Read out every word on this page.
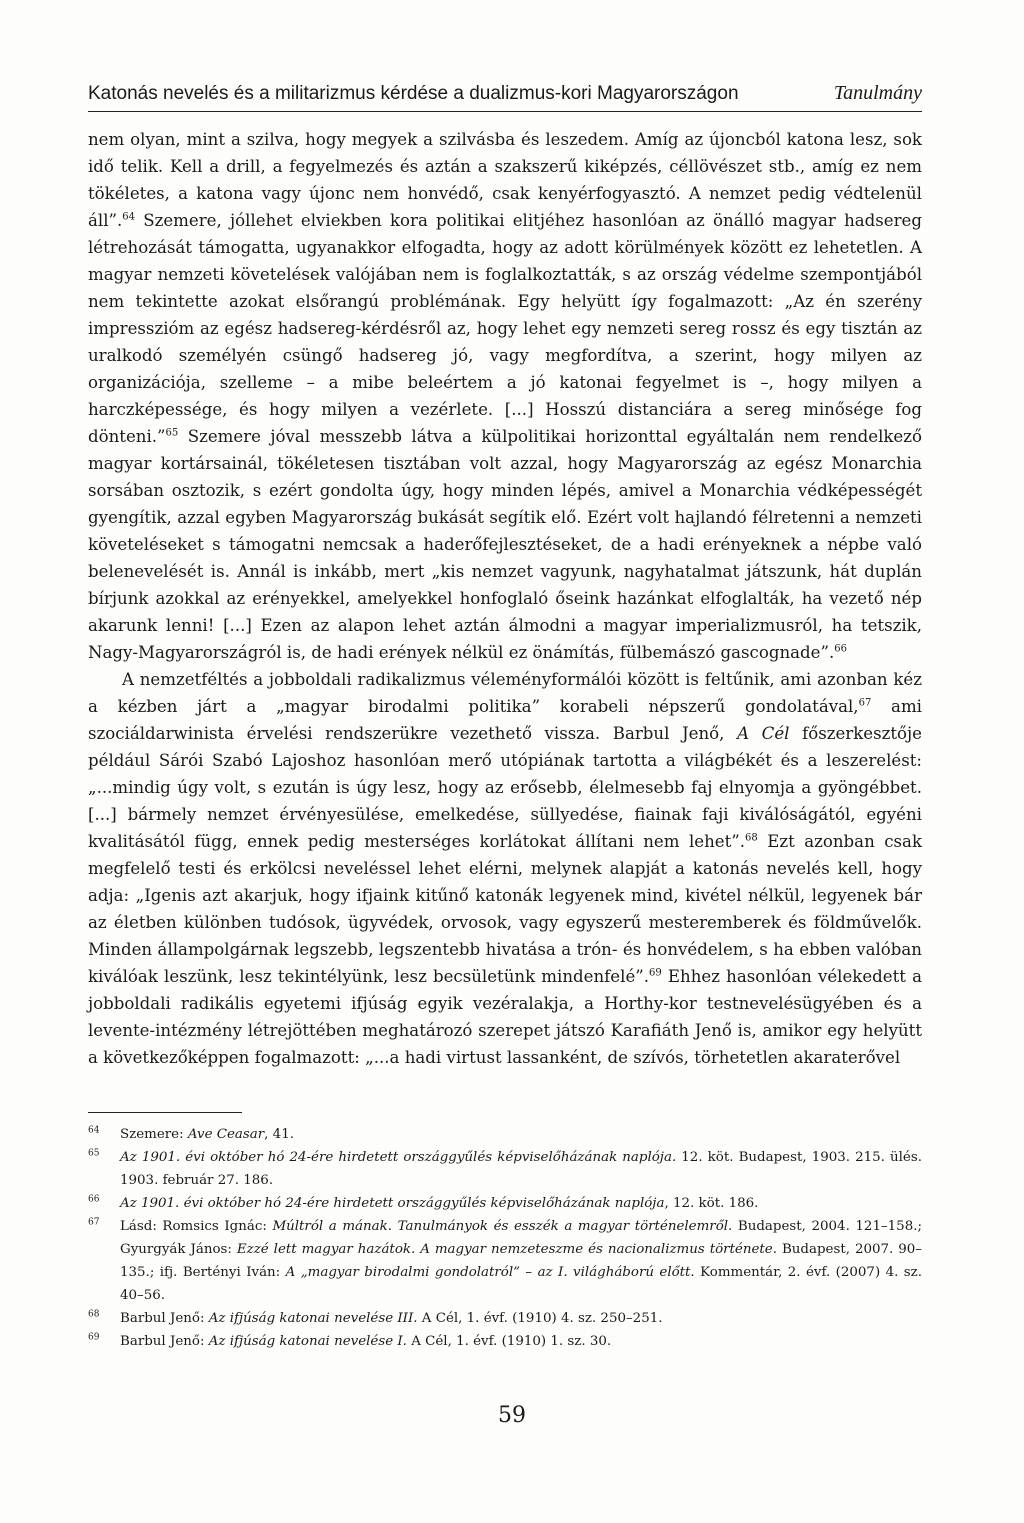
Katonás nevelés és a militarizmus kérdése a dualizmus-kori Magyarországon	Tanulmány

nem olyan, mint a szilva, hogy megyek a szilvásba és leszedem. Amíg az újoncból katona lesz, sok idő telik. Kell a drill, a fegyelmezés és aztán a szakszerű kiképzés, céllövészet stb., amíg ez nem tökéletes, a katona vagy újonc nem honvédő, csak kenyérfogyasztó. A nemzet pedig védtelenül áll”.$^{64}$ Szemere, jóllehet elviekben kora politikai elitjéhez hasonlóan az önálló magyar hadsereg létrehozását támogatta, ugyanakkor elfogadta, hogy az adott körülmények között ez lehetetlen. A magyar nemzeti követelések valójában nem is foglalkoztatták, s az ország védelme szempontjából nem tekintette azokat elsőrangú problémának. Egy helyütt így fogalmazott: „Az én szerény impresszióm az egész hadsereg-kérdésről az, hogy lehet egy nemzeti sereg rossz és egy tisztán az uralkodó személyén csüngő hadsereg jó, vagy megfordítva, a szerint, hogy milyen az organizációja, szelleme – a mibe beleértem a jó katonai fegyelmet is –, hogy milyen a harczképessége, és hogy milyen a vezérlete. [...] Hosszú distanciára a sereg minősége fog dönteni.”$^{65}$ Szemere jóval messzebb látva a külpolitikai horizonttal egyáltalán nem rendelkező magyar kortársainál, tökéletesen tisztában volt azzal, hogy Magyarország az egész Monarchia sorsában osztozik, s ezért gondolta úgy, hogy minden lépés, amivel a Monarchia védképességét gyengítik, azzal egyben Magyarország bukását segítik elő. Ezért volt hajlandó félretenni a nemzeti követeléseket s támogatni nemcsak a haderőfejlesztéseket, de a hadi erényeknek a népbe való belenevelését is. Annál is inkább, mert „kis nemzet vagyunk, nagyhatalmat játszunk, hát duplán bírjunk azokkal az erényekkel, amelyekkel honfoglaló őseink hazánkat elfoglalták, ha vezető nép akarunk lenni! [...] Ezen az alapon lehet aztán álmodni a magyar imperializmusról, ha tetszik, Nagy-Magyarországról is, de hadi erények nélkül ez önámítás, fülbemászó gascognade”.$^{66}$

A nemzetféltés a jobboldali radikalizmus véleményformálói között is feltűnik, ami azonban kéz a kézben járt a „magyar birodalmi politika” korabeli népszerű gondolatával,$^{67}$ ami szociáldarwinista érvelési rendszerükre vezethető vissza. Barbul Jenő, A Cél főszerkesztője például Sárói Szabó Lajoshoz hasonlóan merő utópiának tartotta a világbékét és a leszerelést: „...mindig úgy volt, s ezután is úgy lesz, hogy az erősebb, élelmesebb faj elnyomja a gyöngébbet. [...] bármely nemzet érvényesülése, emelkedése, süllyedése, fiainak faji kiválóságától, egyéni kvalitásától függ, ennek pedig mesterséges korlátokat állítani nem lehet”.$^{68}$ Ezt azonban csak megfelelő testi és erkölcsi neveléssel lehet elérni, melynek alapját a katonás nevelés kell, hogy adja: „Igenis azt akarjuk, hogy ifjaink kitűnő katonák legyenek mind, kivétel nélkül, legyenek bár az életben különben tudósok, ügyvédek, orvosok, vagy egyszerű mesteremberek és földművelők. Minden állampolgárnak legszebb, legszentebb hivatása a trón- és honvédelem, s ha ebben valóban kiválóak leszünk, lesz tekintélyünk, lesz becsületünk mindenfelé”.$^{69}$ Ehhez hasonlóan vélekedett a jobboldali radikális egyetemi ifjúság egyik vezéralakja, a Horthy-kor testnevelésügyében és a levente-intézmény létrejöttében meghatározó szerepet játszó Karafiáth Jenő is, amikor egy helyütt a következőképpen fogalmazott: „...a hadi virtust lassanként, de szívós, törhetetlen akaraterővel

$^{64}$	Szemere: Ave Ceasar, 41.
$^{65}$	Az 1901. évi október hó 24-ére hirdetett országgyűlés képviselőházának naplója. 12. köt. Budapest, 1903. 215. ülés. 1903. február 27. 186.
$^{66}$	Az 1901. évi október hó 24-ére hirdetett országgyűlés képviselőházának naplója, 12. köt. 186.
$^{67}$	Lásd: Romsics Ignác: Múltról a mának. Tanulmányok és esszék a magyar történelemről. Budapest, 2004. 121–158.; Gyurgyák János: Ezzé lett magyar hazátok. A magyar nemzeteszme és nacionalizmus története. Budapest, 2007. 90–135.; ifj. Bertényi Iván: A „magyar birodalmi gondolatról” – az I. világháború előtt. Kommentár, 2. évf. (2007) 4. sz. 40–56.
$^{68}$	Barbul Jenő: Az ifjúság katonai nevelése III. A Cél, 1. évf. (1910) 4. sz. 250–251.
$^{69}$	Barbul Jenő: Az ifjúság katonai nevelése I. A Cél, 1. évf. (1910) 1. sz. 30.
59
